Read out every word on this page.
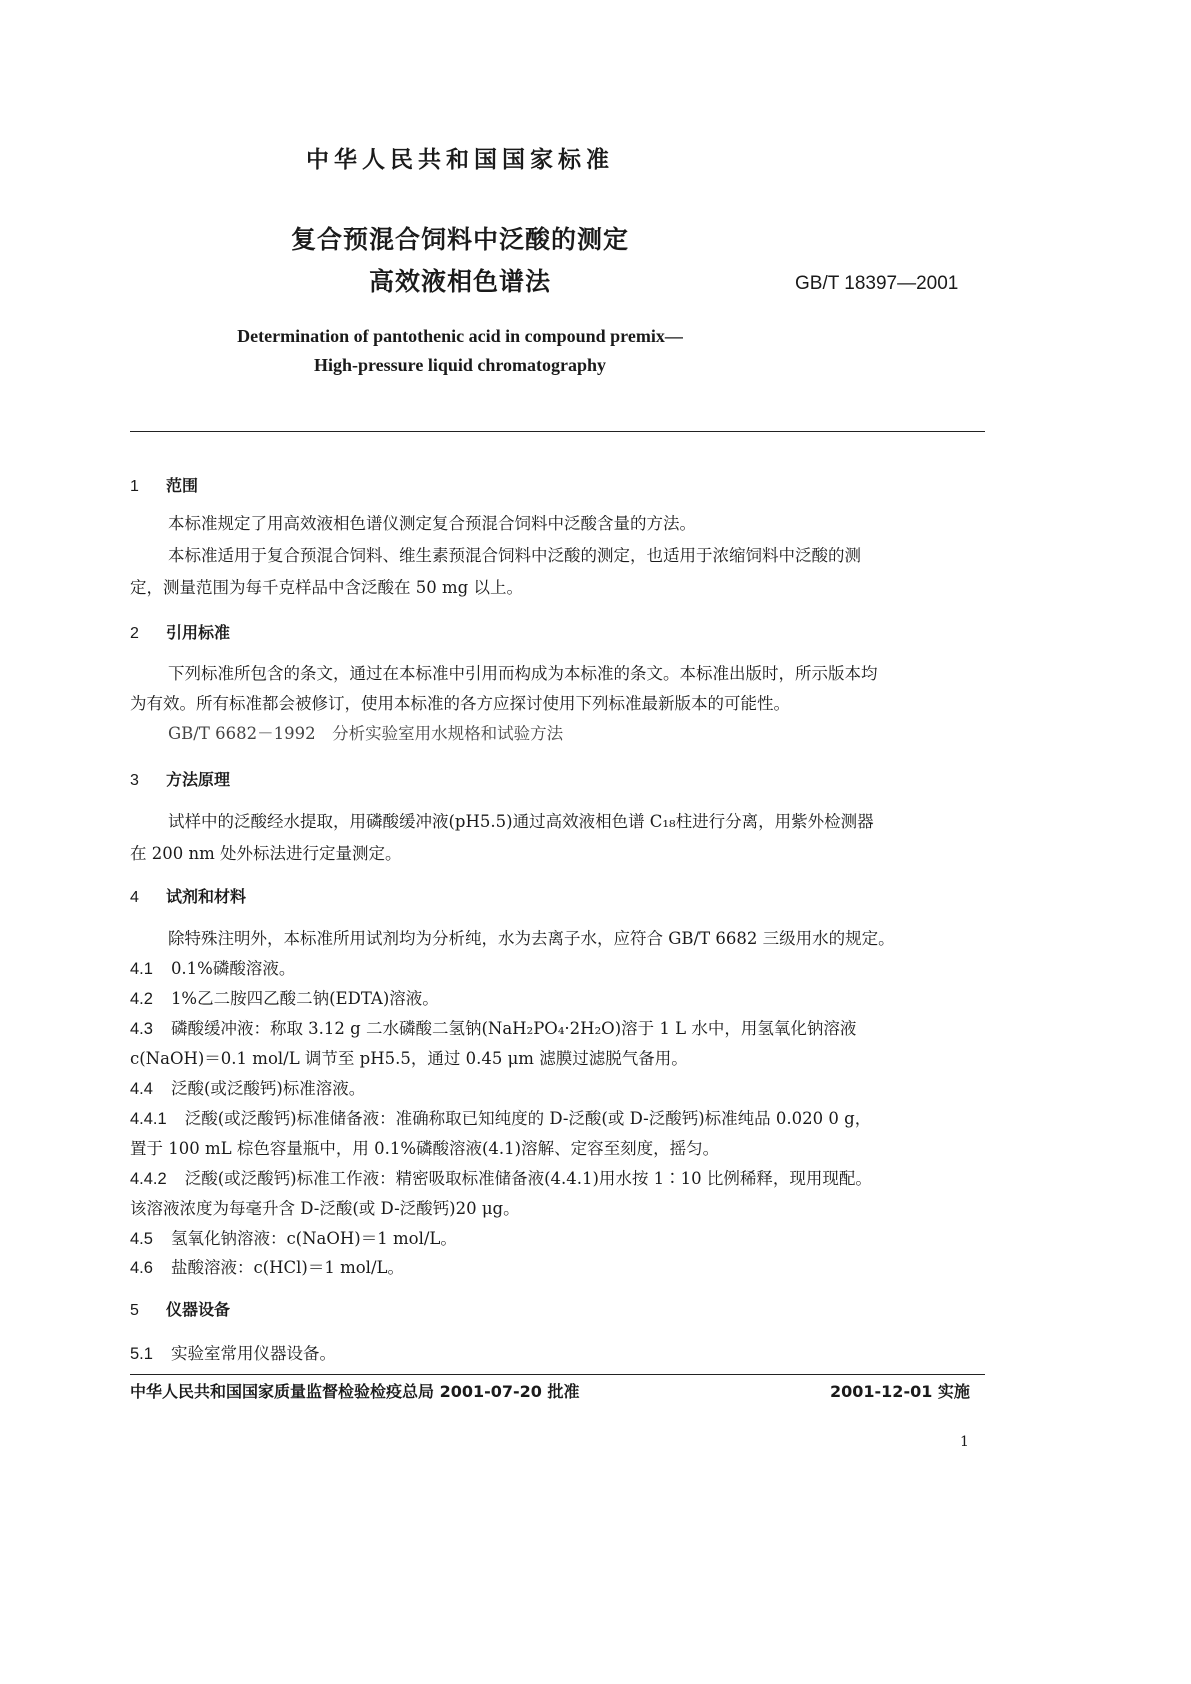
中华人民共和国国家标准
复合预混合饲料中泛酸的测定
高效液相色谱法	GB/T 18397—2001
Determination of pantothenic acid in compound premix—
High-pressure liquid chromatography
1 范围
本标准规定了用高效液相色谱仪测定复合预混合饲料中泛酸含量的方法。
本标准适用于复合预混合饲料、维生素预混合饲料中泛酸的测定，也适用于浓缩饲料中泛酸的测
定，测量范围为每千克样品中含泛酸在 50 mg 以上。
2 引用标准
下列标准所包含的条文，通过在本标准中引用而构成为本标准的条文。本标准出版时，所示版本均
为有效。所有标准都会被修订，使用本标准的各方应探讨使用下列标准最新版本的可能性。
GB/T 6682－1992　分析实验室用水规格和试验方法
3 方法原理
试样中的泛酸经水提取，用磷酸缓冲液(pH5.5)通过高效液相色谱 C₁₈柱进行分离，用紫外检测器
在 200 nm 处外标法进行定量测定。
4 试剂和材料
除特殊注明外，本标准所用试剂均为分析纯，水为去离子水，应符合 GB/T 6682 三级用水的规定。
4.1 0.1%磷酸溶液。
4.2 1%乙二胺四乙酸二钠(EDTA)溶液。
4.3 磷酸缓冲液：称取 3.12 g 二水磷酸二氢钠(NaH₂PO₄·2H₂O)溶于 1 L 水中，用氢氧化钠溶液
c(NaOH)＝0.1 mol/L 调节至 pH5.5，通过 0.45 μm 滤膜过滤脱气备用。
4.4 泛酸(或泛酸钙)标准溶液。
4.4.1 泛酸(或泛酸钙)标准储备液：准确称取已知纯度的 D-泛酸(或 D-泛酸钙)标准纯品 0.020 0 g，
置于 100 mL 棕色容量瓶中，用 0.1%磷酸溶液(4.1)溶解、定容至刻度，摇匀。
4.4.2 泛酸(或泛酸钙)标准工作液：精密吸取标准储备液(4.4.1)用水按 1∶10 比例稀释，现用现配。
该溶液浓度为每毫升含 D-泛酸(或 D-泛酸钙)20 μg。
4.5 氢氧化钠溶液：c(NaOH)＝1 mol/L。
4.6 盐酸溶液：c(HCl)＝1 mol/L。
5 仪器设备
5.1 实验室常用仪器设备。
中华人民共和国国家质量监督检验检疫总局 2001-07-20 批准	2001-12-01 实施
1
